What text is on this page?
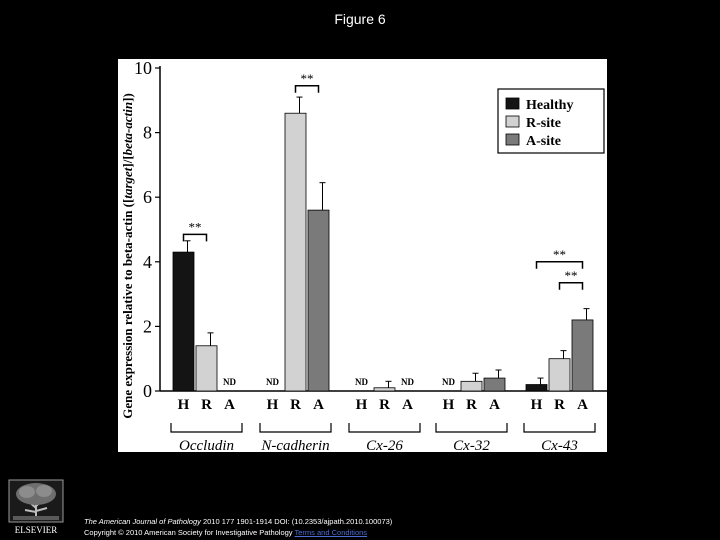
Figure 6
0
2
4
6
8
10
Gene expression relative to beta-actin ([target]/[beta-actin])
ND	ND	ND	ND	ND
H R A
Occludin
H R A
N-cadherin
H R A
Cx-26
H R A
Cx-32
H R A
Cx-43
**
**
**
**
Healthy
R-site
A-site
ELSEVIER
The American Journal of Pathology 2010 177 1901-1914 DOI: (10.2353/ajpath.2010.100073)
Copyright © 2010 American Society for Investigative Pathology Terms and Conditions
